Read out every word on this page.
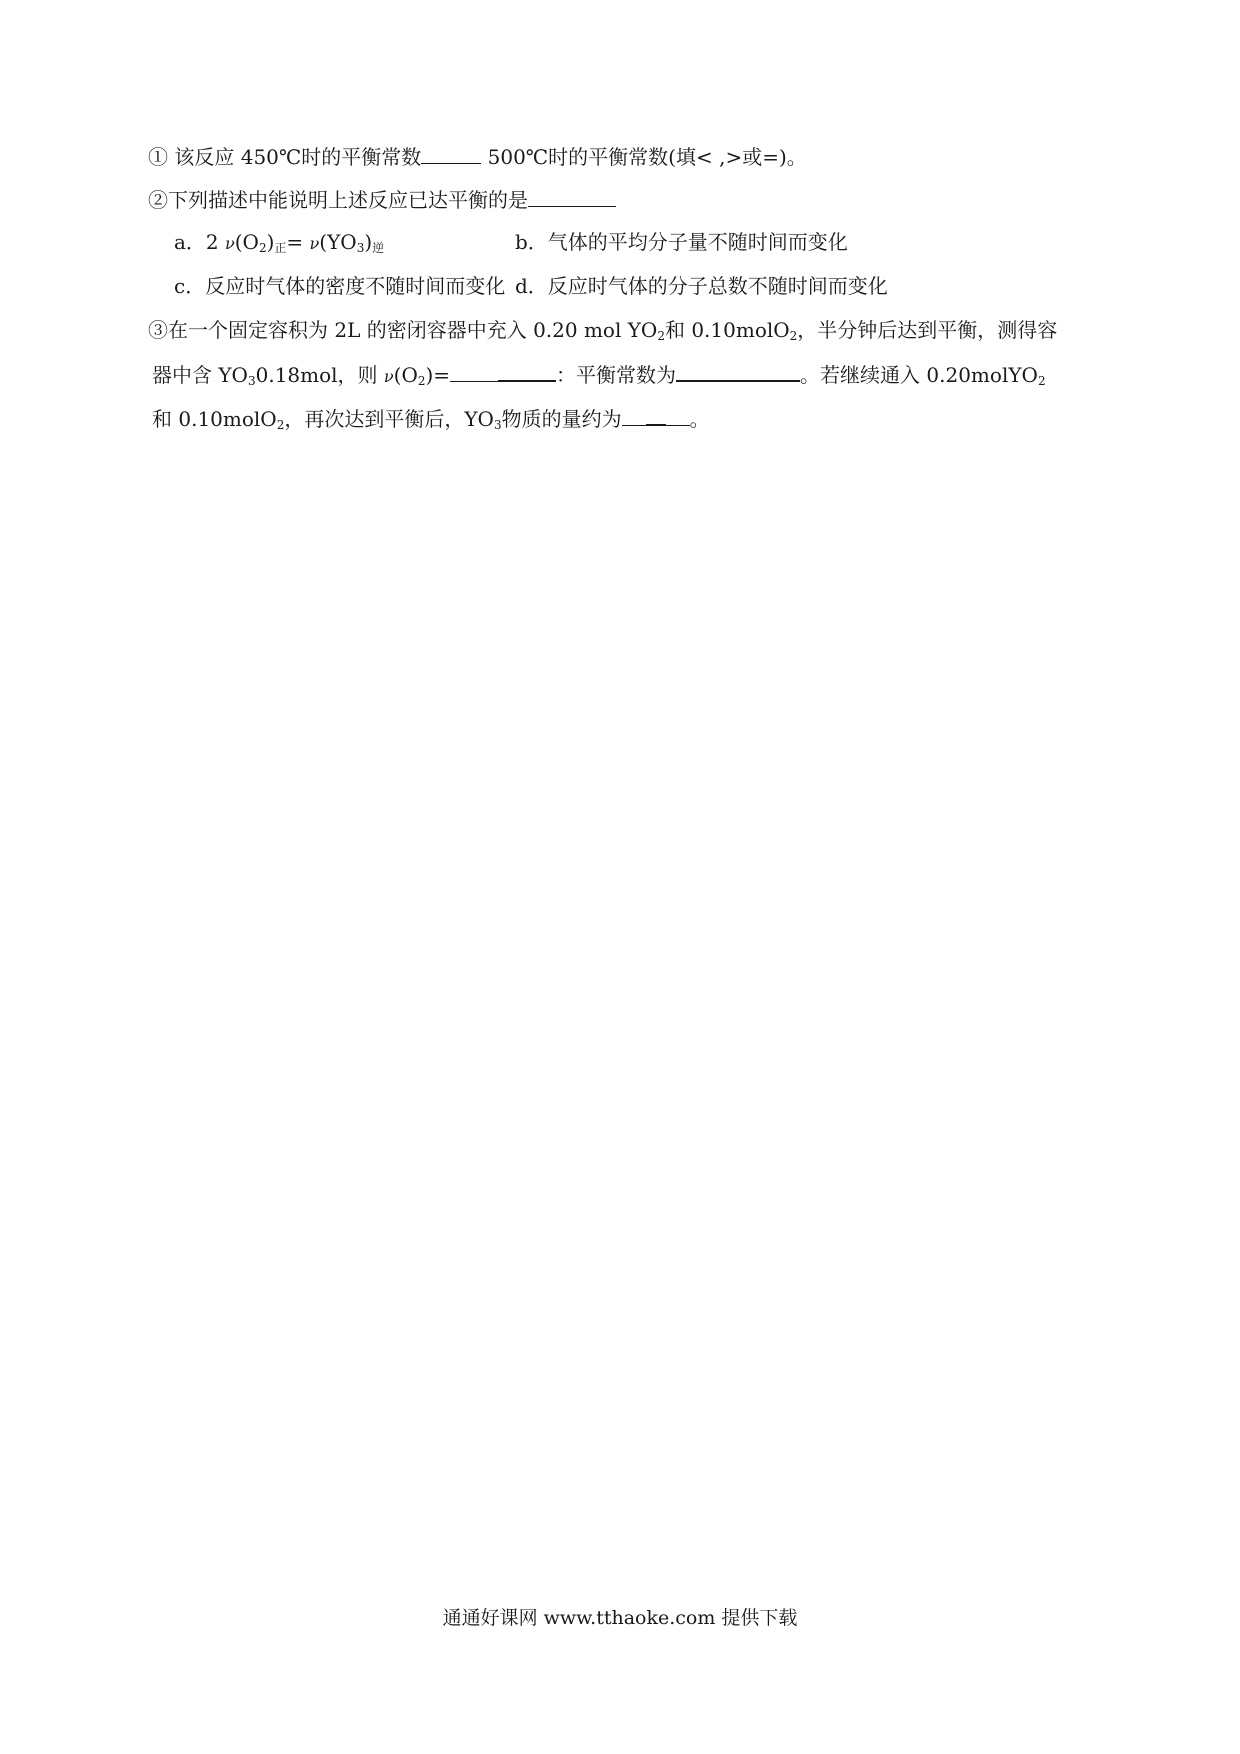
① 该反应 450℃时的平衡常数	500℃时的平衡常数(填< ,>或=)。
②下列描述中能说明上述反应已达平衡的是
a．2 $\nu(O_2)_正= \nu(YO_3)_逆$	b．气体的平均分子量不随时间而变化
c．反应时气体的密度不随时间而变化 d．反应时气体的分子总数不随时间而变化
③在一个固定容积为 2L 的密闭容器中充入 0.20 mol $YO_2$和 0.10molO$_2$，半分钟后达到平衡，测得容
器中含 $YO_30.18mol$，则 $\nu(O_2)=$	：平衡常数为	。若继续通入 0.20molYO$_2$
和 0.10molO$_2$，再次达到平衡后，$YO_3$物质的量约为	。
通通好课网 www.tthaoke.com 提供下载
